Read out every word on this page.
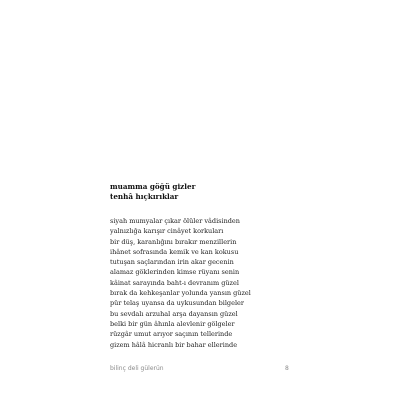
muamma göğü gizler
tenhâ hıçkırıklar
siyah mumyalar çıkar ölüler vâdisinden
yalnızlığa karışır cinâyet korkuları
bir düş, karanlığını bırakır menzillerin
ihânet sofrasında kemik ve kan kokusu
tutuşan saçlarından irin akar gecenin
alamaz göklerinden kimse rüyanı senin
kâinat sarayında baht-ı devranım güzel
bırak da kehkeşanlar yolunda yansın güzel
pür telaş uyansa da uykusundan bilgeler
bu sevdalı arzuhal arşa dayansın güzel
belki bir gün âhınla alevlenir gölgeler
rüzgâr umut arıyor saçının tellerinde
gizem hâlâ hicranlı bir bahar ellerinde
bilinç deli gülerün	8
